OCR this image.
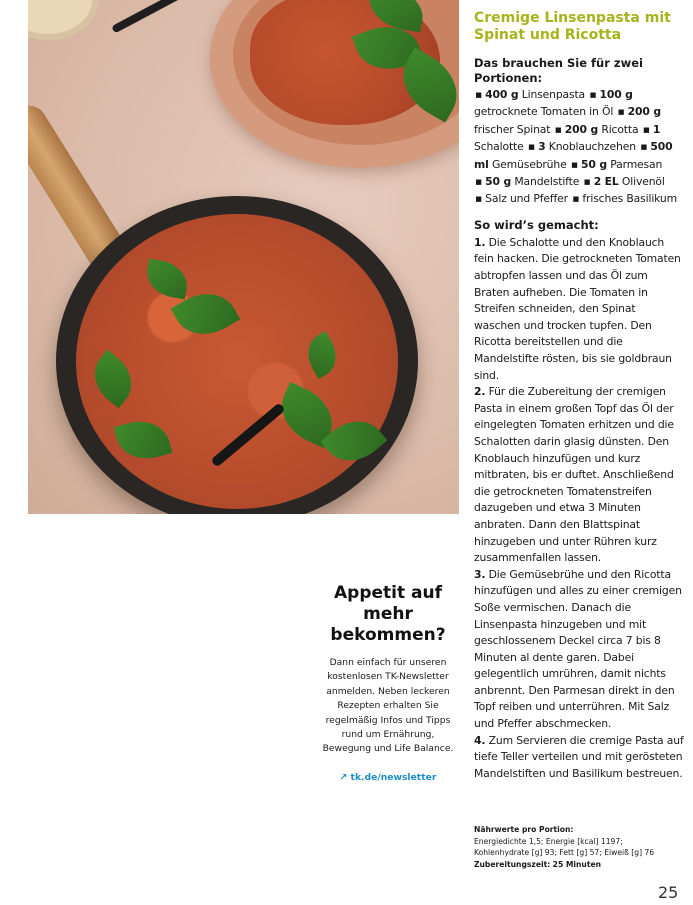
Cremige Linsenpasta mit Spinat und Ricotta

Das brauchen Sie für zwei Portionen:

▪ 400 g Linsenpasta ▪ 100 g getrocknete Tomaten in Öl ▪ 200 g frischer Spinat ▪ 200 g Ricotta ▪ 1 Schalotte ▪ 3 Knoblauchzehen ▪ 500 ml Gemüsebrühe ▪ 50 g Parmesan ▪ 50 g Mandelstifte ▪ 2 EL Olivenöl ▪ Salz und Pfeffer ▪ frisches Basilikum

So wird’s gemacht:

1. Die Schalotte und den Knoblauch fein hacken. Die getrockneten Tomaten abtropfen lassen und das Öl zum Braten aufheben. Die Tomaten in Streifen schneiden, den Spinat waschen und trocken tupfen. Den Ricotta bereitstellen und die Mandelstifte rösten, bis sie goldbraun sind.

2. Für die Zubereitung der cremigen Pasta in einem großen Topf das Öl der eingelegten Tomaten erhitzen und die Schalotten darin glasig dünsten. Den Knoblauch hinzufügen und kurz mitbraten, bis er duftet. Anschließend die getrockneten Tomatenstreifen dazugeben und etwa 3 Minuten anbraten. Dann den Blattspinat hinzugeben und unter Rühren kurz zusammenfallen lassen.

3. Die Gemüsebrühe und den Ricotta hinzufügen und alles zu einer cremigen Soße vermischen. Danach die Linsenpasta hinzugeben und mit geschlossenem Deckel circa 7 bis 8 Minuten al dente garen. Dabei gelegentlich umrühren, damit nichts anbrennt. Den Parmesan direkt in den Topf reiben und unterrühren. Mit Salz und Pfeffer abschmecken.

4. Zum Servieren die cremige Pasta auf tiefe Teller verteilen und mit gerösteten Mandelstiften und Basilikum bestreuen.

Nährwerte pro Portion:
Energiedichte 1,5; Energie [kcal] 1197;
Kohlenhydrate [g] 93; Fett [g] 57; Eiweiß [g] 76
Zubereitungszeit: 25 Minuten
Appetit auf mehr bekommen?

Dann einfach für unseren kostenlosen TK-Newsletter anmelden. Neben leckeren Rezepten erhalten Sie regelmäßig Infos und Tipps rund um Ernährung, Bewegung und Life Balance.

↗ tk.de/newsletter
25
